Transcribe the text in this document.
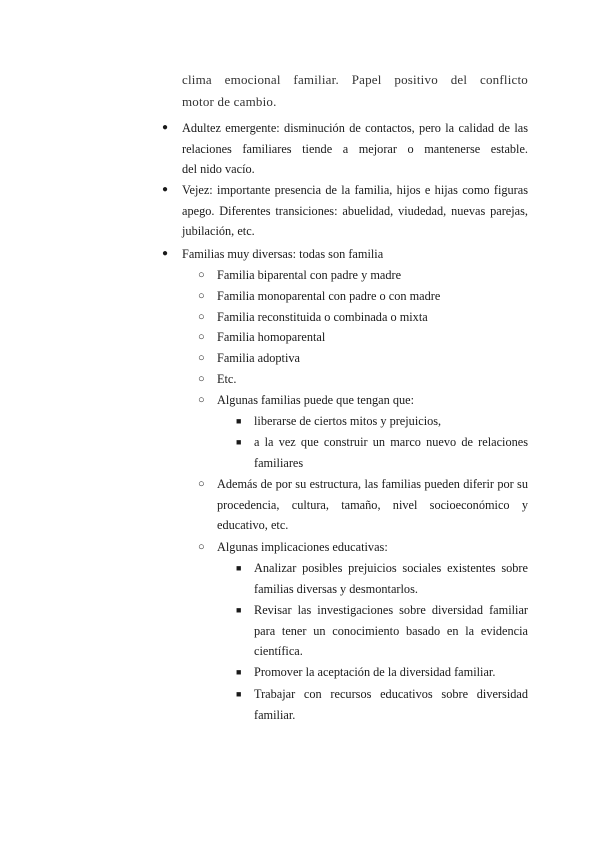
clima emocional familiar. Papel positivo del conflicto
motor de cambio.
● Adultez emergente: disminución de contactos, pero la calidad de las
relaciones familiares tiende a mejorar o mantenerse estable.
del nido vacío.
● Vejez: importante presencia de la familia, hijos e hijas como figuras
apego. Diferentes transiciones: abuelidad, viudedad, nuevas parejas,
jubilación, etc.
● Familias muy diversas: todas son familia
○ Familia biparental con padre y madre
○ Familia monoparental con padre o con madre
○ Familia reconstituida o combinada o mixta
○ Familia homoparental
○ Familia adoptiva
○ Etc.
○ Algunas familias puede que tengan que:
■ liberarse de ciertos mitos y prejuicios,
■ a la vez que construir un marco nuevo de relaciones
familiares
○ Además de por su estructura, las familias pueden diferir por su
procedencia, cultura, tamaño, nivel socioeconómico y
educativo, etc.
○ Algunas implicaciones educativas:
■ Analizar posibles prejuicios sociales existentes sobre
familias diversas y desmontarlos.
■ Revisar las investigaciones sobre diversidad familiar
para tener un conocimiento basado en la evidencia
científica.
■ Promover la aceptación de la diversidad familiar.
■ Trabajar con recursos educativos sobre diversidad
familiar.
